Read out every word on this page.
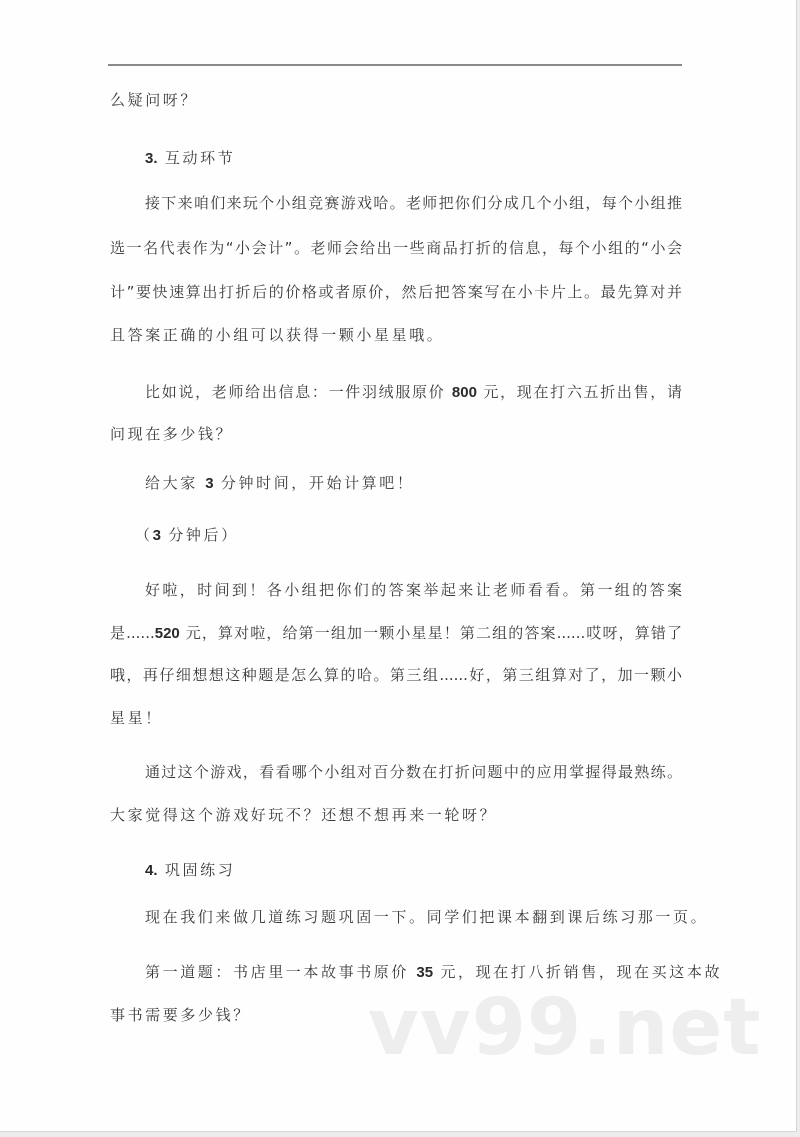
么疑问呀？
3. 互动环节
接下来咱们来玩个小组竞赛游戏哈。老师把你们分成几个小组，每个小组推
选一名代表作为“小会计”。老师会给出一些商品打折的信息，每个小组的“小会
计”要快速算出打折后的价格或者原价，然后把答案写在小卡片上。最先算对并
且答案正确的小组可以获得一颗小星星哦。
比如说，老师给出信息：一件羽绒服原价 800 元，现在打六五折出售，请
问现在多少钱？
给大家 3 分钟时间，开始计算吧！
（3 分钟后）
好啦，时间到！各小组把你们的答案举起来让老师看看。第一组的答案
是......520 元，算对啦，给第一组加一颗小星星！第二组的答案......哎呀，算错了
哦，再仔细想想这种题是怎么算的哈。第三组......好，第三组算对了，加一颗小
星星！
通过这个游戏，看看哪个小组对百分数在打折问题中的应用掌握得最熟练。
大家觉得这个游戏好玩不？还想不想再来一轮呀？
4. 巩固练习
现在我们来做几道练习题巩固一下。同学们把课本翻到课后练习那一页。
第一道题：书店里一本故事书原价 35 元，现在打八折销售，现在买这本故
事书需要多少钱？	vv99.net
